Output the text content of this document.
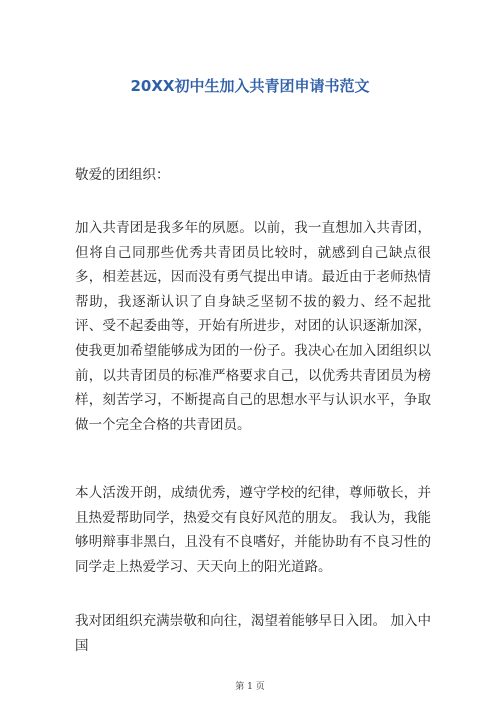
20XX初中生加入共青团申请书范文

敬爱的团组织：

加入共青团是我多年的夙愿。以前，我一直想加入共青团，但将自己同那些优秀共青团员比较时，就感到自己缺点很多，相差甚远，因而没有勇气提出申请。最近由于老师热情帮助，我逐渐认识了自身缺乏坚韧不拔的毅力、经不起批评、受不起委曲等，开始有所进步，对团的认识逐渐加深，使我更加希望能够成为团的一份子。我决心在加入团组织以前，以共青团员的标准严格要求自己，以优秀共青团员为榜样，刻苦学习，不断提高自己的思想水平与认识水平，争取做一个完全合格的共青团员。

本人活泼开朗，成绩优秀，遵守学校的纪律，尊师敬长，并且热爱帮助同学，热爱交有良好风范的朋友。 我认为，我能够明辩事非黑白，且没有不良嗜好，并能协助有不良习性的同学走上热爱学习、天天向上的阳光道路。

我对团组织充满崇敬和向往，渴望着能够早日入团。 加入中国

第 1 页
